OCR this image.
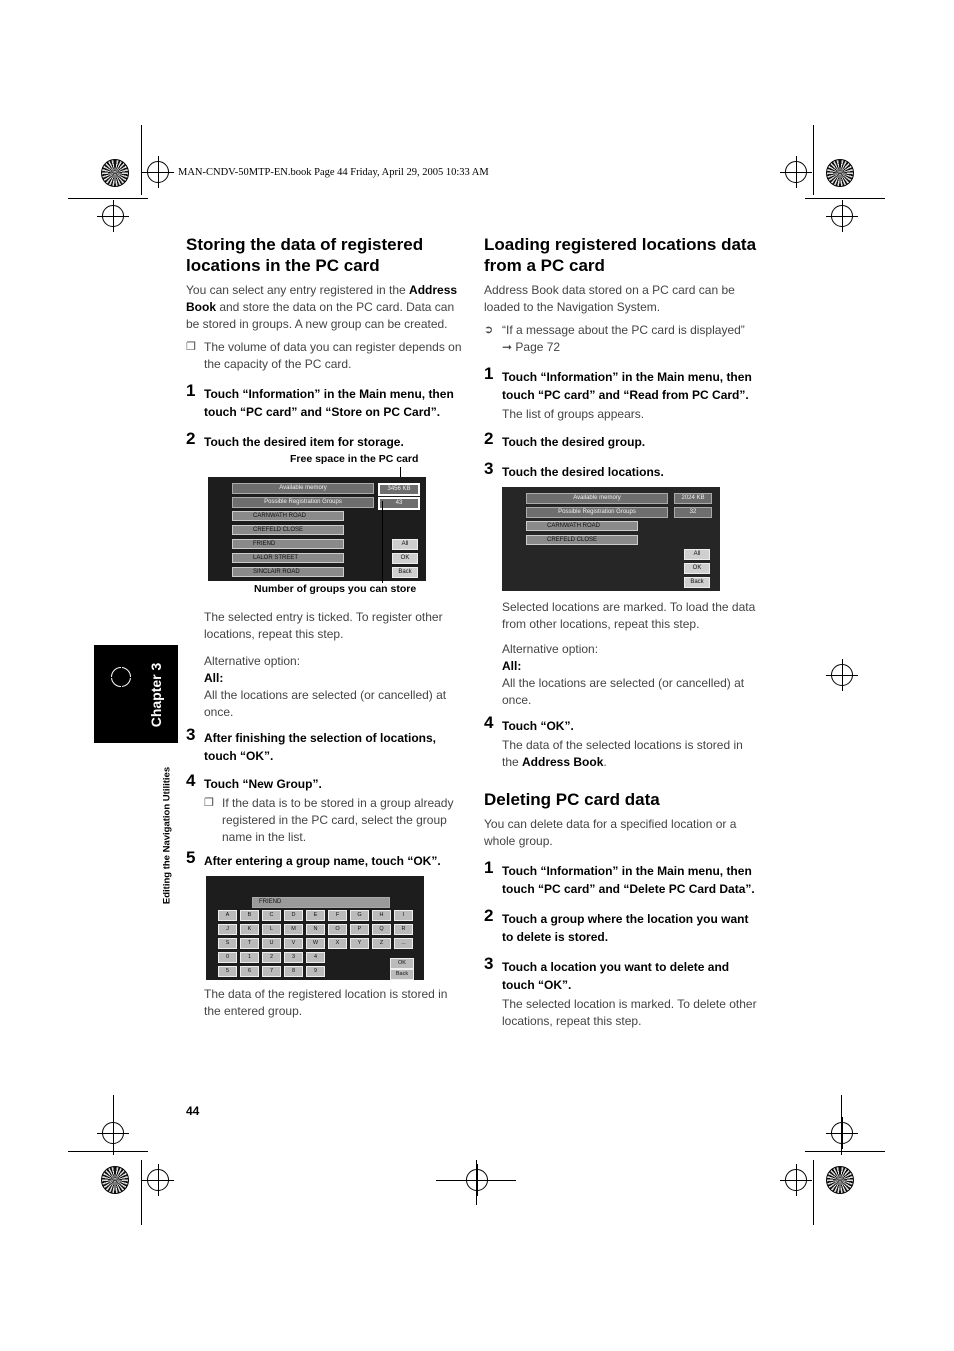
MAN-CNDV-50MTP-EN.book Page 44 Friday, April 29, 2005 10:33 AM
Chapter 3
Editing the Navigation Utilities
Storing the data of registered locations in the PC card

You can select any entry registered in the Address Book and store the data on the PC card. Data can be stored in groups. A new group can be created.

❐ The volume of data you can register depends on the capacity of the PC card.
1 Touch “Information” in the Main menu, then touch “PC card” and “Store on PC Card”.
2 Touch the desired item for storage.
Free space in the PC card
Available memory
Possible Registration Groups
3456 KB
43
CARNWATH ROAD
CREFELD CLOSE
FRIEND
LALOR STREET
SINCLAIR ROAD
All
OK
Back
Number of groups you can store

The selected entry is ticked. To register other locations, repeat this step.

Alternative option:

All:

All the locations are selected (or cancelled) at once.

3 After finishing the selection of locations, touch “OK”.
4 Touch “New Group”.
❐ If the data is to be stored in a group already registered in the PC card, select the group name in the list.
5 After entering a group name, touch “OK”.
FRIEND
A	B	C	D	E	F	G	H	I
J	K	L	M	N	O	P	Q	R
S	T	U	V	W	X	Y	Z	...
0	1	2	3	4
5	6	7	8	9
OK
Back

The data of the registered location is stored in the entered group.

Loading registered locations data from a PC card

Address Book data stored on a PC card can be loaded to the Navigation System.

➲ “If a message about the PC card is displayed”
➞ Page 72
1 Touch “Information” in the Main menu, then touch “PC card” and “Read from PC Card”.

The list of groups appears.

2 Touch the desired group.
3 Touch the desired locations.
Available memory
Possible Registration Groups
2024 KB
32
CARNWATH ROAD
CREFELD CLOSE
All
OK
Back

Selected locations are marked. To load the data from other locations, repeat this step.

Alternative option:

All:

All the locations are selected (or cancelled) at once.

4 Touch “OK”.

The data of the selected locations is stored in the Address Book.

Deleting PC card data

You can delete data for a specified location or a whole group.

1 Touch “Information” in the Main menu, then touch “PC card” and “Delete PC Card Data”.
2 Touch a group where the location you want to delete is stored.
3 Touch a location you want to delete and touch “OK”.

The selected location is marked. To delete other locations, repeat this step.

44
